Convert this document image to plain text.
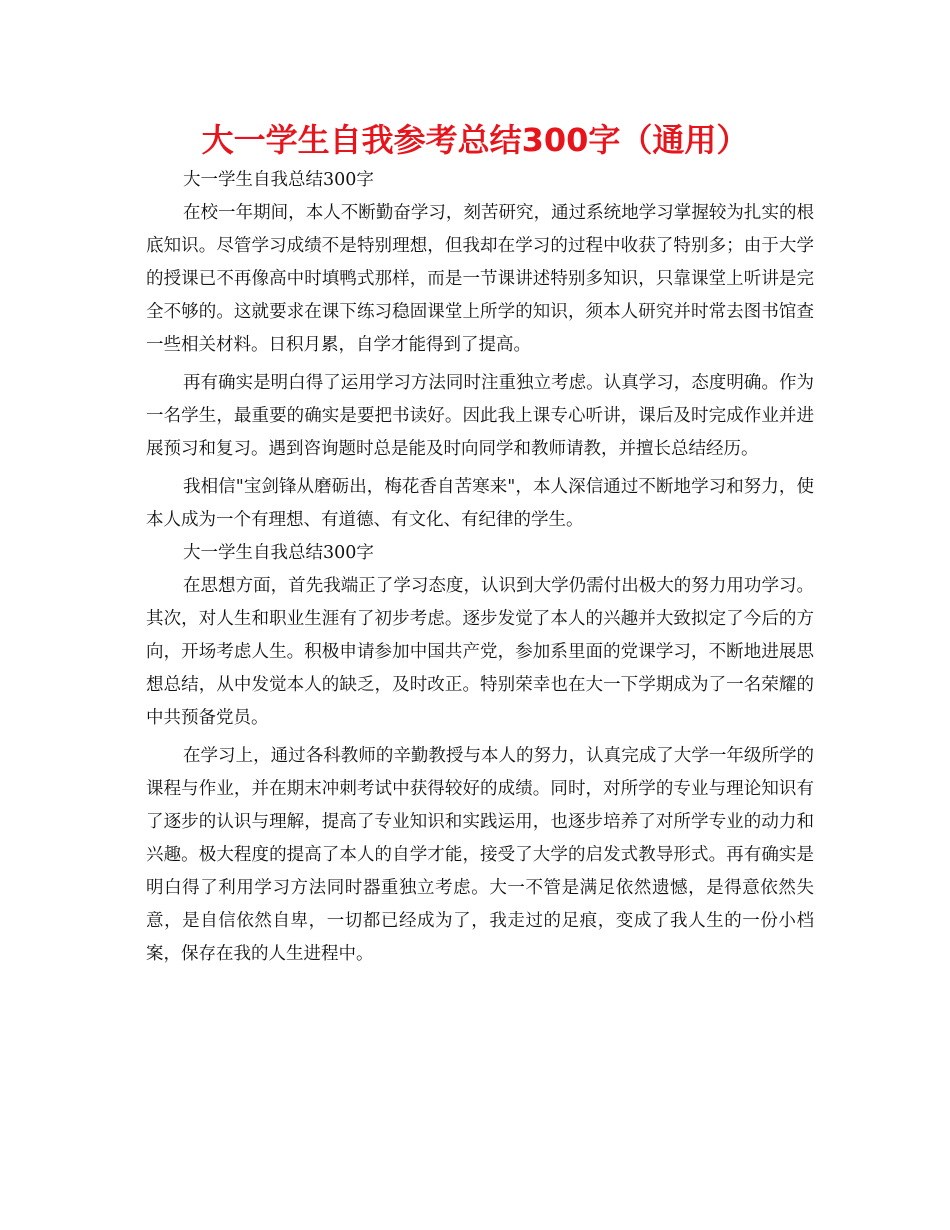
大一学生自我参考总结300字（通用）

大一学生自我总结300字

在校一年期间，本人不断勤奋学习，刻苦研究，通过系统地学习掌握较为扎实的根底知识。尽管学习成绩不是特别理想，但我却在学习的过程中收获了特别多；由于大学的授课已不再像高中时填鸭式那样，而是一节课讲述特别多知识，只靠课堂上听讲是完全不够的。这就要求在课下练习稳固课堂上所学的知识，须本人研究并时常去图书馆查一些相关材料。日积月累，自学才能得到了提高。

再有确实是明白得了运用学习方法同时注重独立考虑。认真学习，态度明确。作为一名学生，最重要的确实是要把书读好。因此我上课专心听讲，课后及时完成作业并进展预习和复习。遇到咨询题时总是能及时向同学和教师请教，并擅长总结经历。

我相信"宝剑锋从磨砺出，梅花香自苦寒来"，本人深信通过不断地学习和努力，使本人成为一个有理想、有道德、有文化、有纪律的学生。

大一学生自我总结300字

在思想方面，首先我端正了学习态度，认识到大学仍需付出极大的努力用功学习。其次，对人生和职业生涯有了初步考虑。逐步发觉了本人的兴趣并大致拟定了今后的方向，开场考虑人生。积极申请参加中国共产党，参加系里面的党课学习，不断地进展思想总结，从中发觉本人的缺乏，及时改正。特别荣幸也在大一下学期成为了一名荣耀的中共预备党员。

在学习上，通过各科教师的辛勤教授与本人的努力，认真完成了大学一年级所学的课程与作业，并在期末冲刺考试中获得较好的成绩。同时，对所学的专业与理论知识有了逐步的认识与理解，提高了专业知识和实践运用，也逐步培养了对所学专业的动力和兴趣。极大程度的提高了本人的自学才能，接受了大学的启发式教导形式。再有确实是明白得了利用学习方法同时器重独立考虑。大一不管是满足依然遗憾，是得意依然失意，是自信依然自卑，一切都已经成为了，我走过的足痕，变成了我人生的一份小档案，保存在我的人生进程中。
